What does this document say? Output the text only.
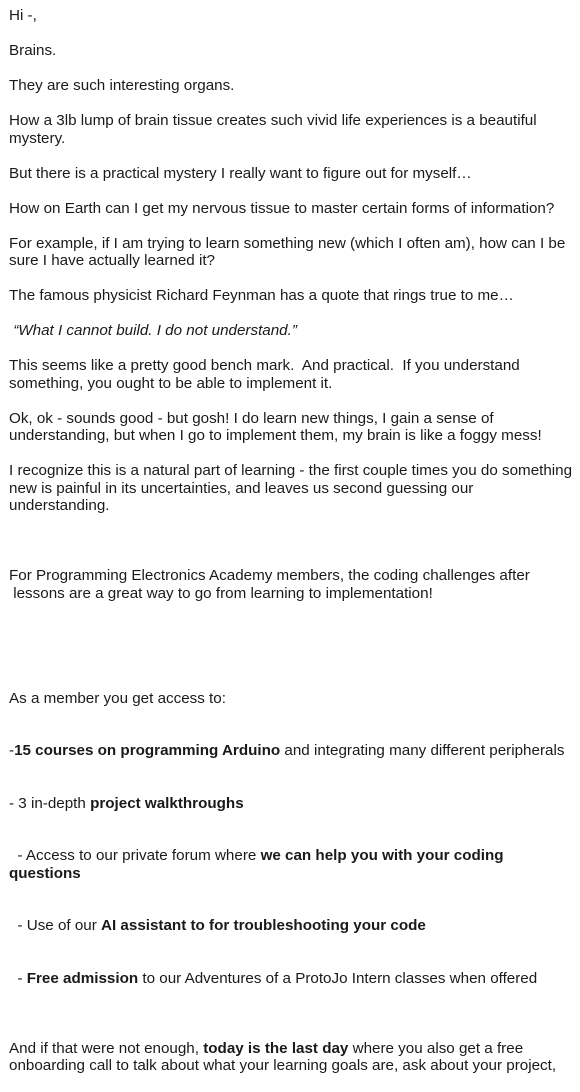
Hi -,

Brains.

They are such interesting organs.

How a 3lb lump of brain tissue creates such vivid life experiences is a beautiful mystery.

But there is a practical mystery I really want to figure out for myself…

How on Earth can I get my nervous tissue to master certain forms of information?

For example, if I am trying to learn something new (which I often am), how can I be sure I have actually learned it?

The famous physicist Richard Feynman has a quote that rings true to me…

“What I cannot build. I do not understand.”

This seems like a pretty good bench mark.  And practical.  If you understand something, you ought to be able to implement it.

Ok, ok - sounds good - but gosh! I do learn new things, I gain a sense of understanding, but when I go to implement them, my brain is like a foggy mess!

I recognize this is a natural part of learning - the first couple times you do something new is painful in its uncertainties, and leaves us second guessing our understanding.

For Programming Electronics Academy members, the coding challenges after
lessons are a great way to go from learning to implementation!

As a member you get access to:

-15 courses on programming Arduino and integrating many different peripherals

- 3 in-depth project walkthroughs

- Access to our private forum where we can help you with your coding questions

- Use of our AI assistant to for troubleshooting your code

- Free admission to our Adventures of a ProtoJo Intern classes when offered

And if that were not enough, today is the last day where you also get a free onboarding call to talk about what your learning goals are, ask about your project,
